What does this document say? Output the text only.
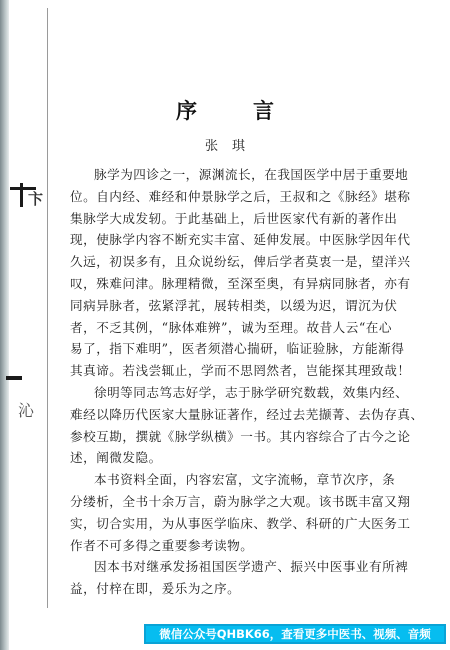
卞
沁
序言
张琪
脉学为四诊之一，源渊流长，在我国医学中居于重要地
位。自内经、难经和仲景脉学之后，王叔和之《脉经》堪称
集脉学大成发轫。于此基础上，后世医家代有新的著作出
现，使脉学内容不断充实丰富、延伸发展。中医脉学因年代
久远，初误多有，且众说纷纭，俾后学者莫衷一是，望洋兴
叹，殊难问津。脉理精微，至深至奥，有异病同脉者，亦有
同病异脉者，弦紧浮芤，展转相类，以缓为迟，谓沉为伏
者，不乏其例，“脉体难辨”，诚为至理。故昔人云“在心
易了，指下难明”，医者须潜心揣研，临证验脉，方能渐得
其真谛。若浅尝辄止，学而不思罔然者，岂能探其理致哉！
徐明等同志笃志好学，志于脉学研究数载，效集内经、
难经以降历代医家大量脉证著作，经过去芜撷菁、去伪存真、
参校互勘，撰就《脉学纵横》一书。其内容综合了古今之论
述，阐微发隐。
本书资料全面，内容宏富，文字流畅，章节次序，条
分缕析，全书十余万言，蔚为脉学之大观。该书既丰富又翔
实，切合实用，为从事医学临床、教学、科研的广大医务工
作者不可多得之重要参考读物。
因本书对继承发扬祖国医学遗产、振兴中医事业有所裨
益，付梓在即，爰乐为之序。
微信公众号QHBK66，查看更多中医书、视频、音频
